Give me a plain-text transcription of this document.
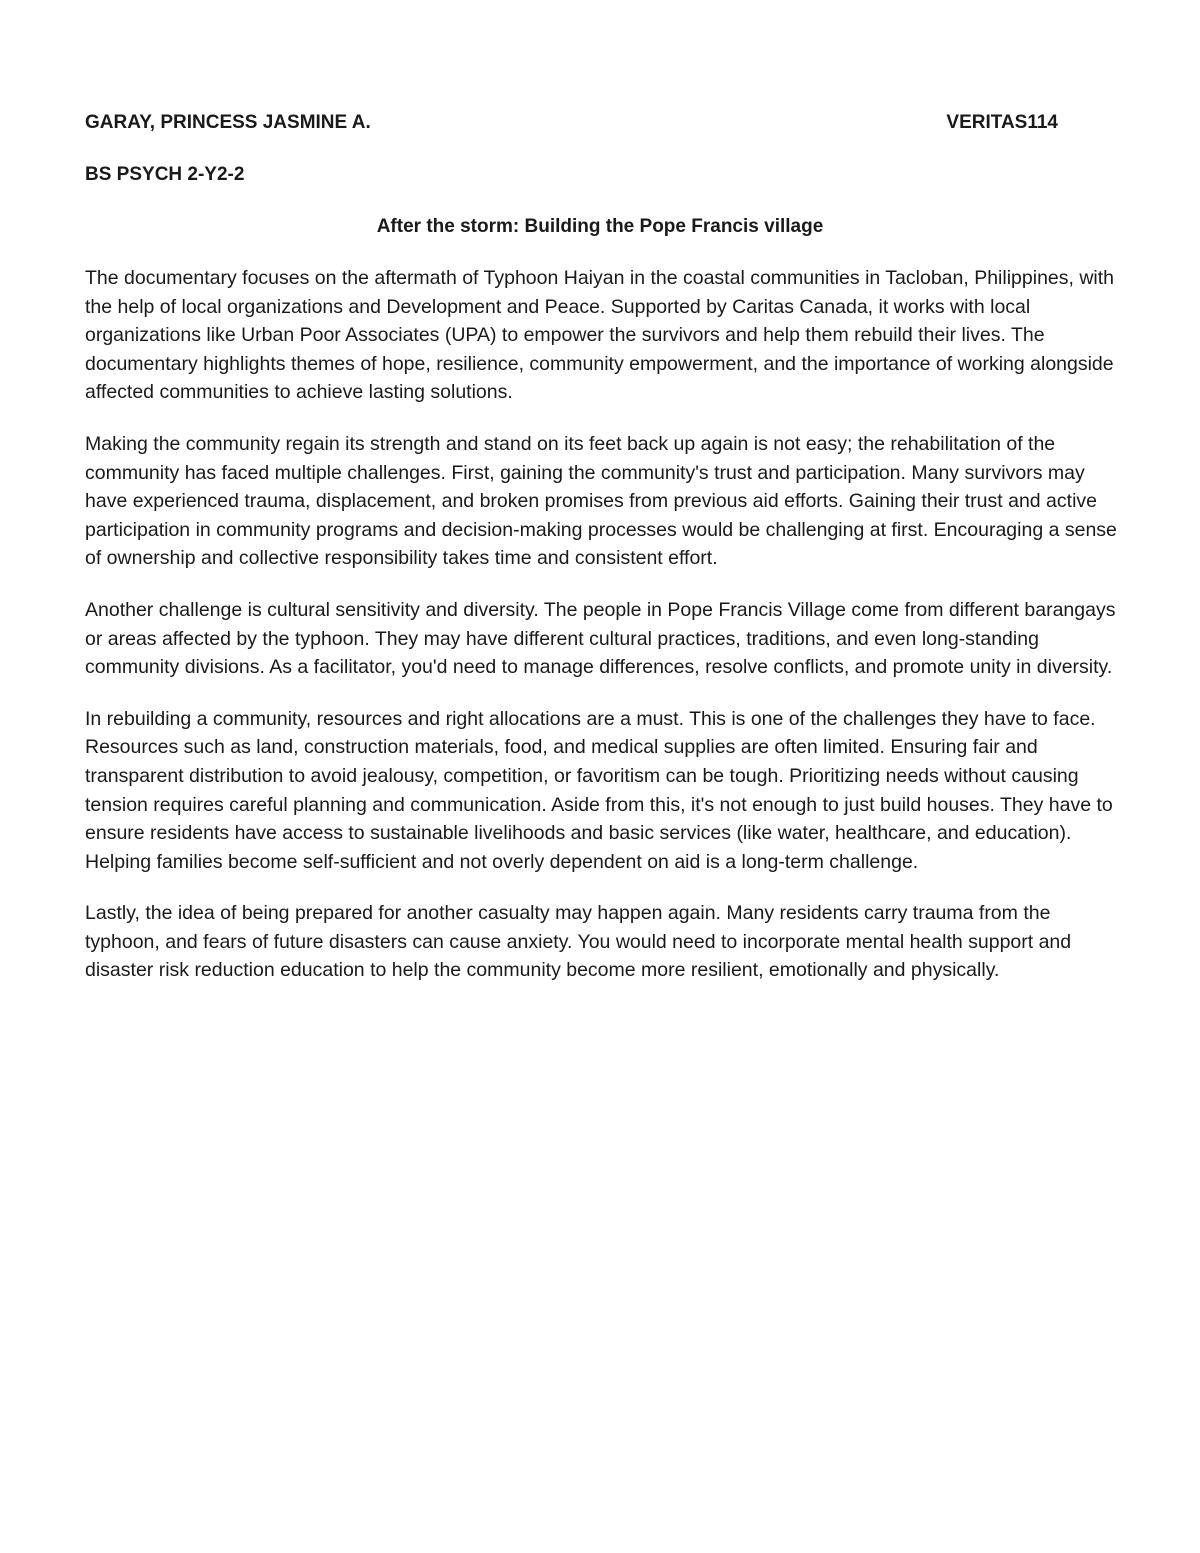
GARAY, PRINCESS JASMINE A.	VERITAS114
BS PSYCH 2-Y2-2
After the storm: Building the Pope Francis village

The documentary focuses on the aftermath of Typhoon Haiyan in the coastal communities in Tacloban, Philippines, with the help of local organizations and Development and Peace. Supported by Caritas Canada, it works with local organizations like Urban Poor Associates (UPA) to empower the survivors and help them rebuild their lives. The documentary highlights themes of hope, resilience, community empowerment, and the importance of working alongside affected communities to achieve lasting solutions.

Making the community regain its strength and stand on its feet back up again is not easy; the rehabilitation of the community has faced multiple challenges. First, gaining the community's trust and participation. Many survivors may have experienced trauma, displacement, and broken promises from previous aid efforts. Gaining their trust and active participation in community programs and decision-making processes would be challenging at first. Encouraging a sense of ownership and collective responsibility takes time and consistent effort.

Another challenge is cultural sensitivity and diversity. The people in Pope Francis Village come from different barangays or areas affected by the typhoon. They may have different cultural practices, traditions, and even long-standing community divisions. As a facilitator, you'd need to manage differences, resolve conflicts, and promote unity in diversity.

In rebuilding a community, resources and right allocations are a must. This is one of the challenges they have to face. Resources such as land, construction materials, food, and medical supplies are often limited. Ensuring fair and transparent distribution to avoid jealousy, competition, or favoritism can be tough. Prioritizing needs without causing tension requires careful planning and communication. Aside from this, it's not enough to just build houses. They have to ensure residents have access to sustainable livelihoods and basic services (like water, healthcare, and education). Helping families become self-sufficient and not overly dependent on aid is a long-term challenge.

Lastly, the idea of being prepared for another casualty may happen again. Many residents carry trauma from the typhoon, and fears of future disasters can cause anxiety. You would need to incorporate mental health support and disaster risk reduction education to help the community become more resilient, emotionally and physically.
